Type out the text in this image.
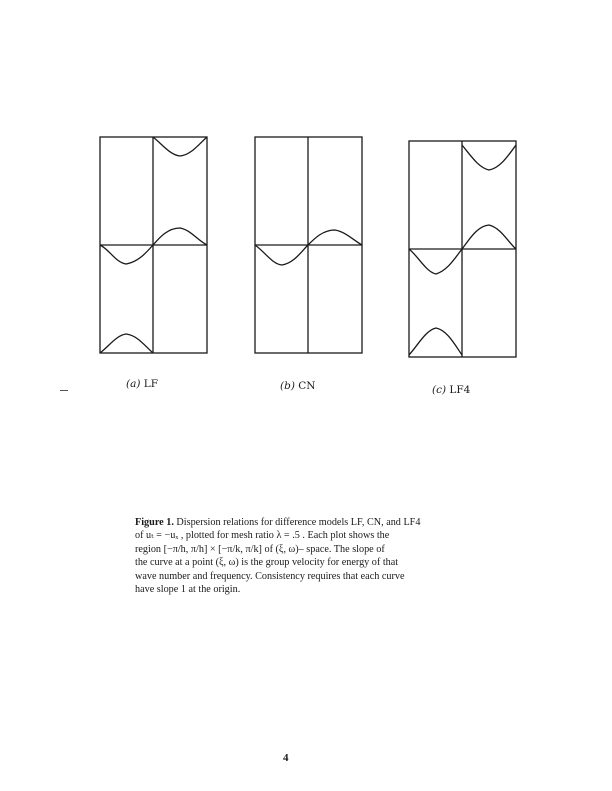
(a) LF	(b) CN	(c) LF4
Figure 1. Dispersion relations for difference models LF, CN, and LF4
of uₜ = −uₓ , plotted for mesh ratio λ = .5 . Each plot shows the
region [−π/h, π/h] × [−π/k, π/k] of (ξ, ω)– space. The slope of
the curve at a point (ξ, ω) is the group velocity for energy of that
wave number and frequency. Consistency requires that each curve
have slope 1 at the origin.
4
